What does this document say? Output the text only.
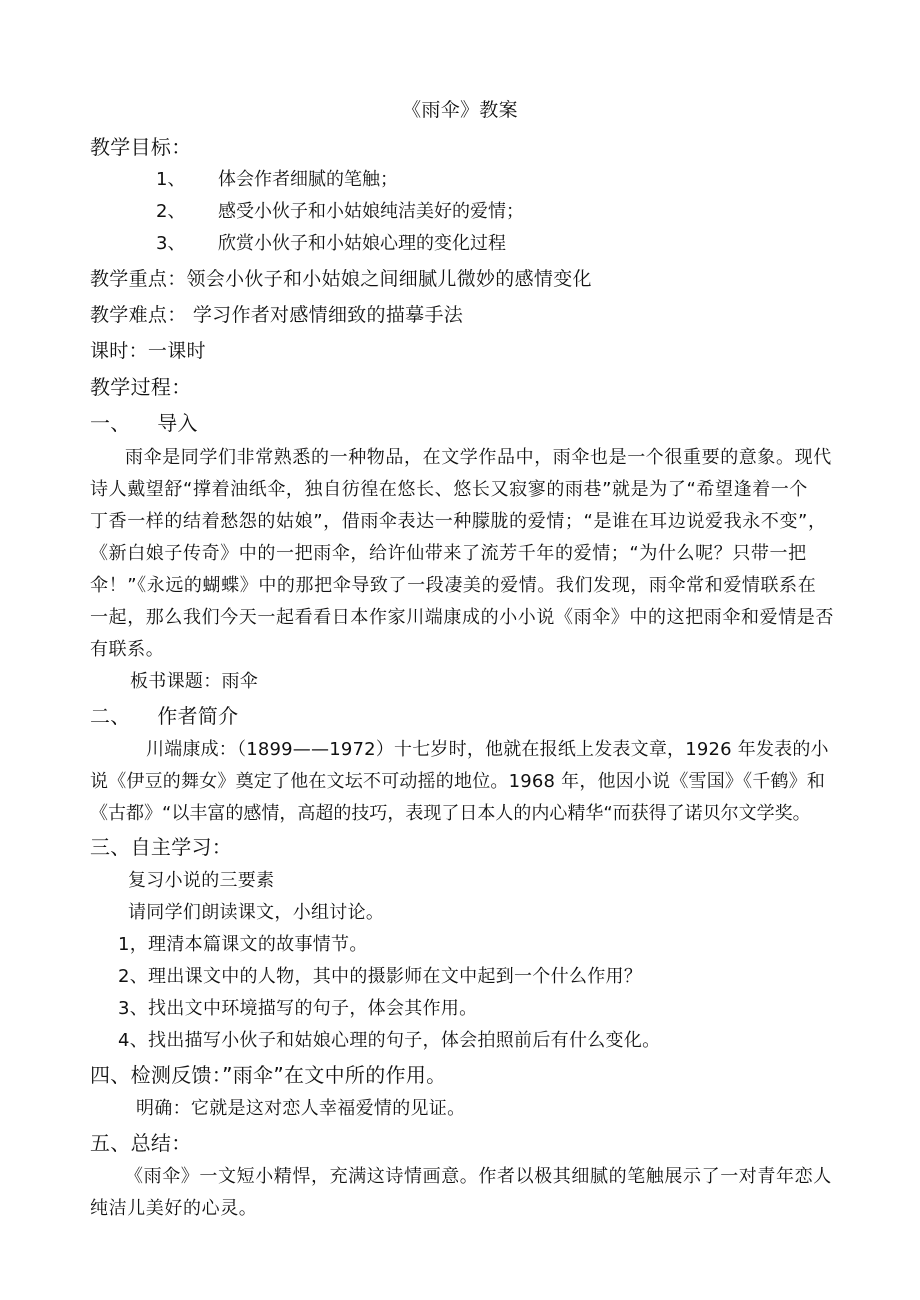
《雨伞》教案

教学目标：

1、 体会作者细腻的笔触；
2、 感受小伙子和小姑娘纯洁美好的爱情；
3、 欣赏小伙子和小姑娘心理的变化过程

教学重点：领会小伙子和小姑娘之间细腻儿微妙的感情变化

教学难点： 学习作者对感情细致的描摹手法

课时：一课时

教学过程：

一、    导入

雨伞是同学们非常熟悉的一种物品，在文学作品中，雨伞也是一个很重要的意象。现代

诗人戴望舒“撑着油纸伞，独自彷徨在悠长、悠长又寂寥的雨巷”就是为了“希望逢着一个

丁香一样的结着愁怨的姑娘”，借雨伞表达一种朦胧的爱情；“是谁在耳边说爱我永不变”，

《新白娘子传奇》中的一把雨伞，给许仙带来了流芳千年的爱情；“为什么呢？只带一把

伞！”《永远的蝴蝶》中的那把伞导致了一段凄美的爱情。我们发现，雨伞常和爱情联系在

一起，那么我们今天一起看看日本作家川端康成的小小说《雨伞》中的这把雨伞和爱情是否

有联系。

板书课题：雨伞

二、    作者简介

川端康成：（1899——1972）十七岁时，他就在报纸上发表文章，1926 年发表的小

说《伊豆的舞女》奠定了他在文坛不可动摇的地位。1968 年，他因小说《雪国》《千鹤》和

《古都》“以丰富的感情，高超的技巧，表现了日本人的内心精华“而获得了诺贝尔文学奖。

三、自主学习：

复习小说的三要素

请同学们朗读课文，小组讨论。

1，理清本篇课文的故事情节。

2、理出课文中的人物，其中的摄影师在文中起到一个什么作用？

3、找出文中环境描写的句子，体会其作用。

4、找出描写小伙子和姑娘心理的句子，体会拍照前后有什么变化。

四、检测反馈：”雨伞”在文中所的作用。

明确：它就是这对恋人幸福爱情的见证。

五、总结：

《雨伞》一文短小精悍，充满这诗情画意。作者以极其细腻的笔触展示了一对青年恋人

纯洁儿美好的心灵。
